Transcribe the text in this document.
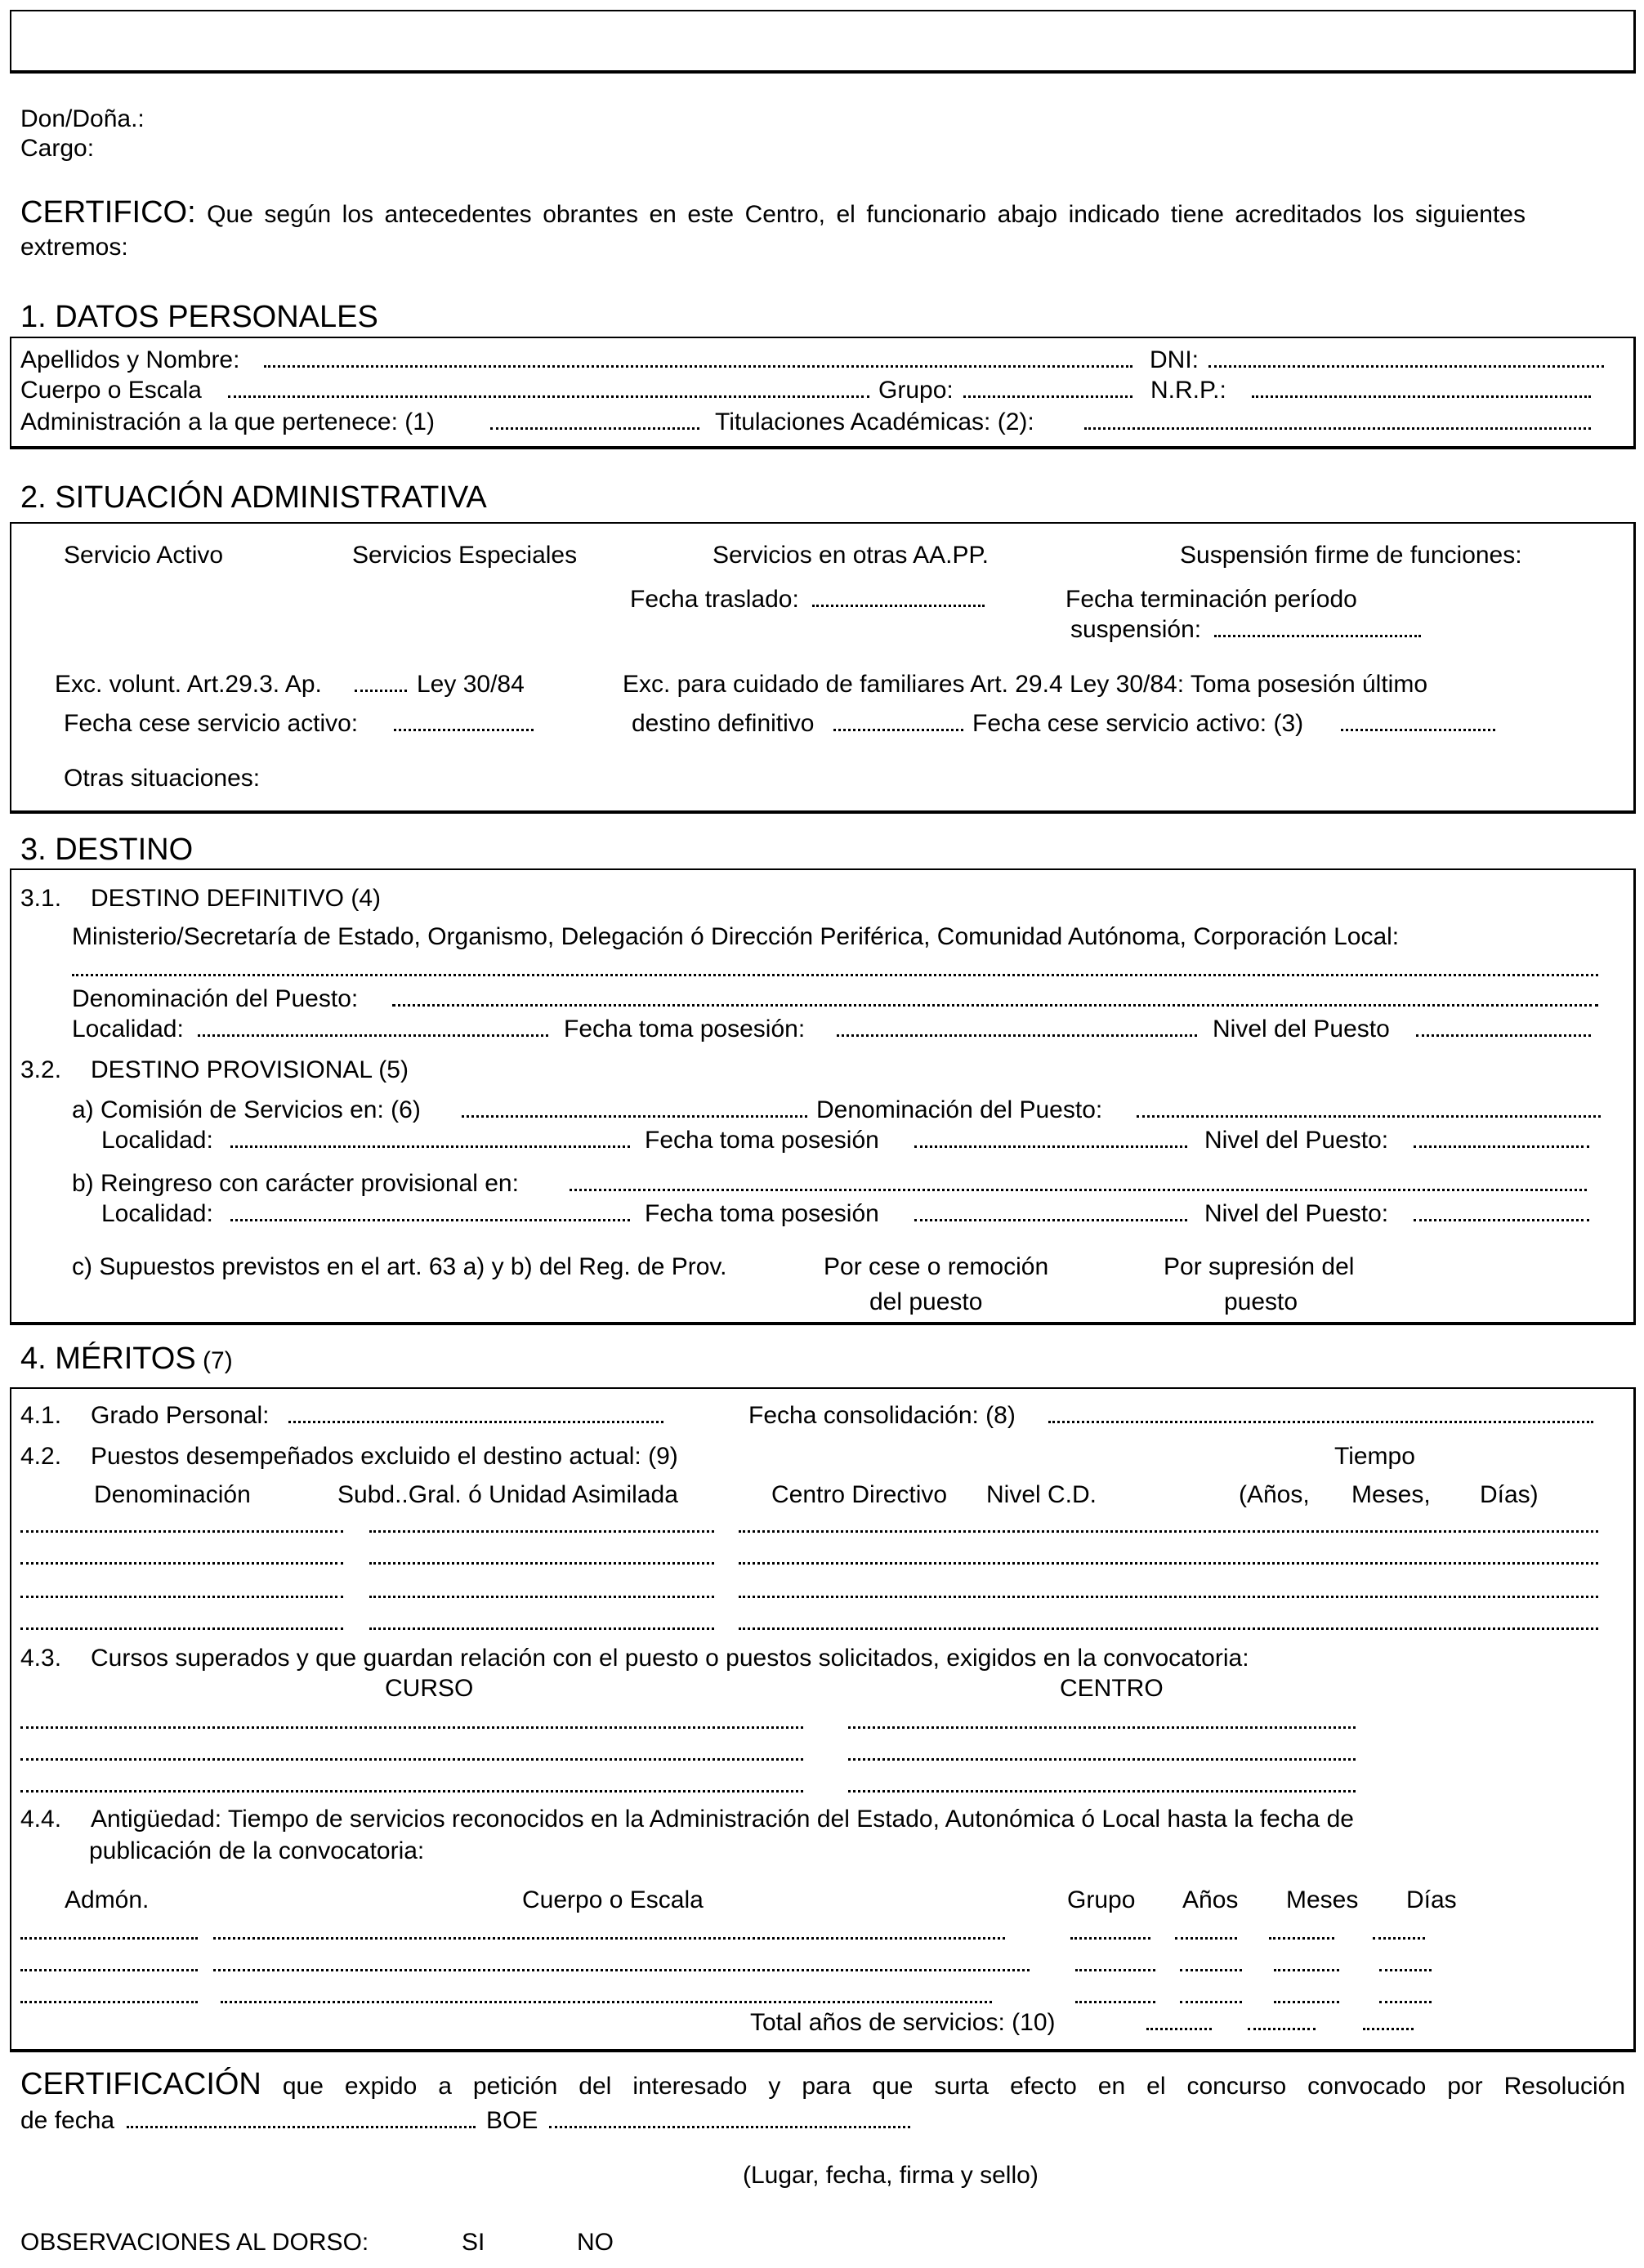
Don/Doña.:
Cargo:
CERTIFICO: Que según los antecedentes obrantes en este Centro, el funcionario abajo indicado tiene acreditados los siguientes extremos:
1. DATOS PERSONALES
Apellidos y Nombre:	DNI:
Cuerpo o Escala	Grupo:	N.R.P.:
Administración a la que pertenece: (1)	Titulaciones Académicas: (2):
2. SITUACIÓN ADMINISTRATIVA
Servicio Activo	Servicios Especiales	Servicios en otras AA.PP.	Suspensión firme de funciones:
Fecha traslado:	Fecha terminación período
suspensión:
Exc. volunt. Art.29.3. Ap.	Ley 30/84	Exc. para cuidado de familiares Art. 29.4 Ley 30/84: Toma posesión último
Fecha cese servicio activo:	destino definitivo	Fecha cese servicio activo: (3)
Otras situaciones:
3. DESTINO
3.1. DESTINO DEFINITIVO (4)
Ministerio/Secretaría de Estado, Organismo, Delegación ó Dirección Periférica, Comunidad Autónoma, Corporación Local:
Denominación del Puesto:
Localidad:	Fecha toma posesión:	Nivel del Puesto
3.2. DESTINO PROVISIONAL (5)
a) Comisión de Servicios en: (6)	Denominación del Puesto:
Localidad:	Fecha toma posesión	Nivel del Puesto:
b) Reingreso con carácter provisional en:
Localidad:	Fecha toma posesión	Nivel del Puesto:
c) Supuestos previstos en el art. 63 a) y b) del Reg. de Prov.	Por cese o remoción
del puesto
Por supresión del
puesto
4. MÉRITOS (7)
4.1. Grado Personal:	Fecha consolidación: (8)
4.2. Puestos desempeñados excluido el destino actual: (9)	Tiempo
Denominación	Subd..Gral. ó Unidad Asimilada	Centro Directivo Nivel C.D.	(Años, Meses, Días)
4.3. Cursos superados y que guardan relación con el puesto o puestos solicitados, exigidos en la convocatoria:
CURSO	CENTRO
4.4. Antigüedad: Tiempo de servicios reconocidos en la Administración del Estado, Autonómica ó Local hasta la fecha de
publicación de la convocatoria:
Admón.	Cuerpo o Escala	Grupo Años Meses Días
Total años de servicios: (10)
CERTIFICACIÓN que expido a petición del interesado y para que surta efecto en el concurso convocado por Resolución
de fecha	BOE
(Lugar, fecha, firma y sello)
OBSERVACIONES AL DORSO:	SI	NO
